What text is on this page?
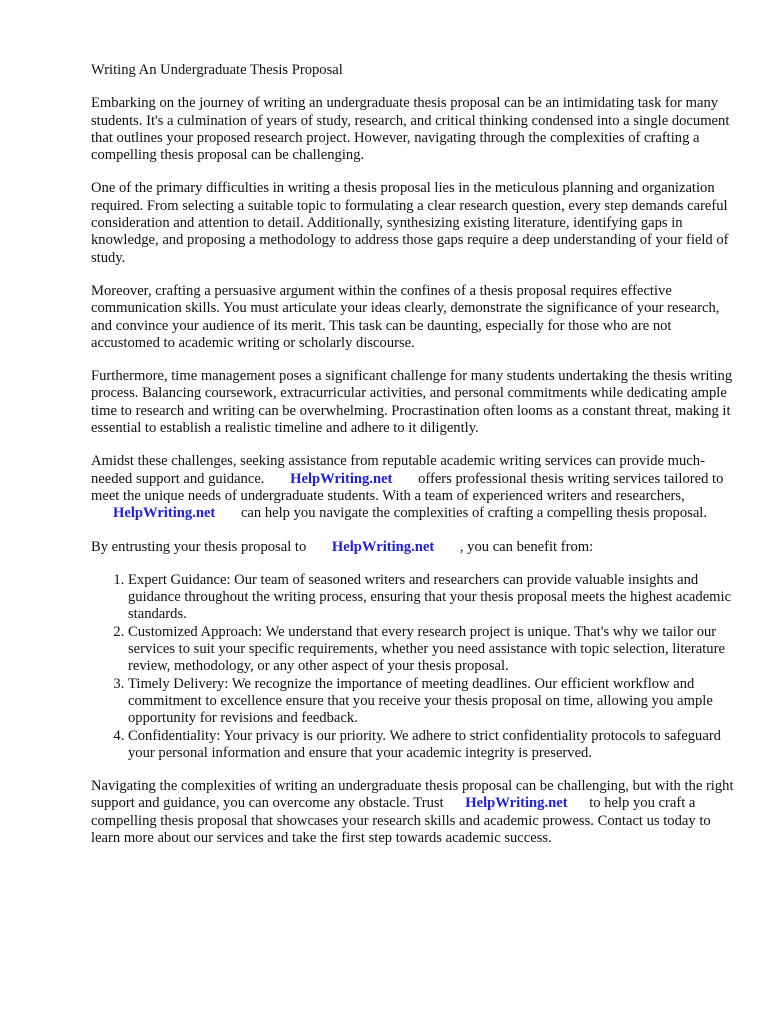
Writing An Undergraduate Thesis Proposal

Embarking on the journey of writing an undergraduate thesis proposal can be an intimidating task for many students. It's a culmination of years of study, research, and critical thinking condensed into a single document that outlines your proposed research project. However, navigating through the complexities of crafting a compelling thesis proposal can be challenging.

One of the primary difficulties in writing a thesis proposal lies in the meticulous planning and organization required. From selecting a suitable topic to formulating a clear research question, every step demands careful consideration and attention to detail. Additionally, synthesizing existing literature, identifying gaps in knowledge, and proposing a methodology to address those gaps require a deep understanding of your field of study.

Moreover, crafting a persuasive argument within the confines of a thesis proposal requires effective communication skills. You must articulate your ideas clearly, demonstrate the significance of your research, and convince your audience of its merit. This task can be daunting, especially for those who are not accustomed to academic writing or scholarly discourse.

Furthermore, time management poses a significant challenge for many students undertaking the thesis writing process. Balancing coursework, extracurricular activities, and personal commitments while dedicating ample time to research and writing can be overwhelming. Procrastination often looms as a constant threat, making it essential to establish a realistic timeline and adhere to it diligently.

Amidst these challenges, seeking assistance from reputable academic writing services can provide much-needed support and guidance. HelpWriting.net offers professional thesis writing services tailored to meet the unique needs of undergraduate students. With a team of experienced writers and researchers, HelpWriting.net can help you navigate the complexities of crafting a compelling thesis proposal.

By entrusting your thesis proposal to HelpWriting.net , you can benefit from:

1. Expert Guidance: Our team of seasoned writers and researchers can provide valuable insights and guidance throughout the writing process, ensuring that your thesis proposal meets the highest academic standards.
2. Customized Approach: We understand that every research project is unique. That's why we tailor our services to suit your specific requirements, whether you need assistance with topic selection, literature review, methodology, or any other aspect of your thesis proposal.
3. Timely Delivery: We recognize the importance of meeting deadlines. Our efficient workflow and commitment to excellence ensure that you receive your thesis proposal on time, allowing you ample opportunity for revisions and feedback.
4. Confidentiality: Your privacy is our priority. We adhere to strict confidentiality protocols to safeguard your personal information and ensure that your academic integrity is preserved.

Navigating the complexities of writing an undergraduate thesis proposal can be challenging, but with the right support and guidance, you can overcome any obstacle. Trust HelpWriting.net to help you craft a compelling thesis proposal that showcases your research skills and academic prowess. Contact us today to learn more about our services and take the first step towards academic success.
